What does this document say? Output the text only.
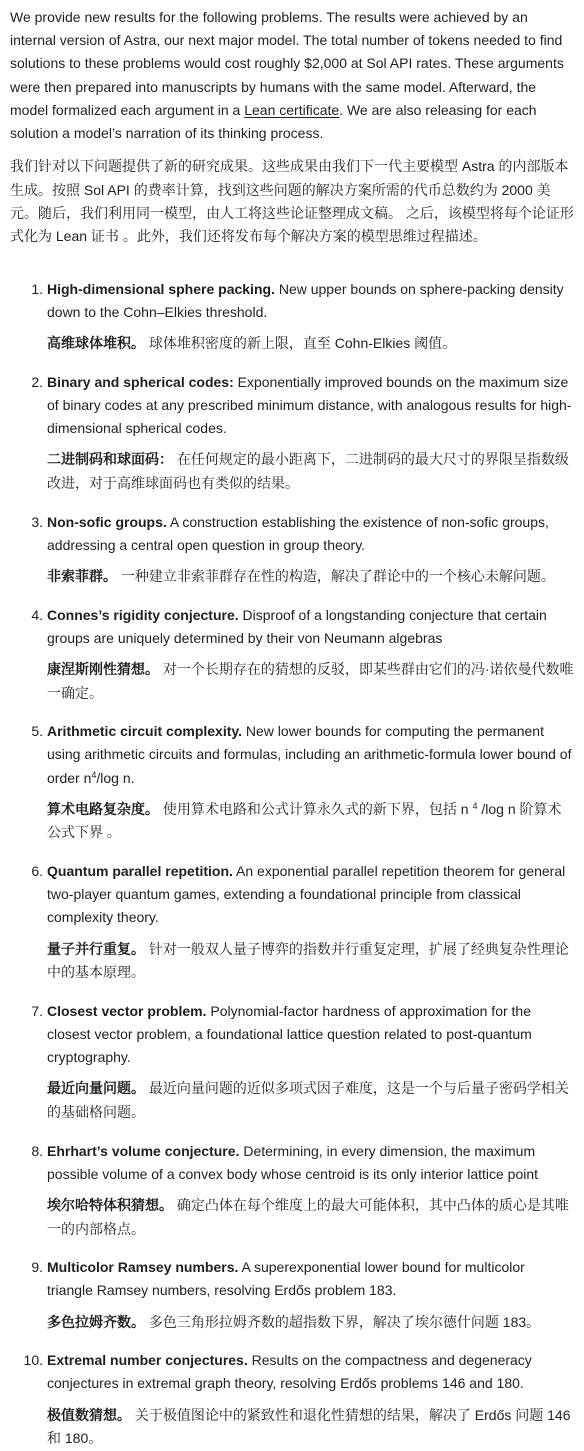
We provide new results for the following problems. The results were achieved by an internal version of Astra, our next major model. The total number of tokens needed to find solutions to these problems would cost roughly $2,000 at Sol API rates. These arguments were then prepared into manuscripts by humans with the same model. Afterward, the model formalized each argument in a Lean certificate. We are also releasing for each solution a model’s narration of its thinking process.

我们针对以下问题提供了新的研究成果。这些成果由我们下一代主要模型 Astra 的内部版本生成。按照 Sol API 的费率计算，找到这些问题的解决方案所需的代币总数约为 2000 美元。随后，我们利用同一模型，由人工将这些论证整理成文稿。 之后，该模型将每个论证形式化为 Lean 证书 。此外，我们还将发布每个解决方案的模型思维过程描述。

1. High-dimensional sphere packing. New upper bounds on sphere-packing density down to the Cohn–Elkies threshold.

高维球体堆积。 球体堆积密度的新上限，直至 Cohn-Elkies 阈值。

2. Binary and spherical codes: Exponentially improved bounds on the maximum size of binary codes at any prescribed minimum distance, with analogous results for high-dimensional spherical codes.

二进制码和球面码： 在任何规定的最小距离下，二进制码的最大尺寸的界限呈指数级改进，对于高维球面码也有类似的结果。

3. Non-sofic groups. A construction establishing the existence of non-sofic groups, addressing a central open question in group theory.

非索菲群。 一种建立非索菲群存在性的构造，解决了群论中的一个核心未解问题。

4. Connes’s rigidity conjecture. Disproof of a longstanding conjecture that certain groups are uniquely determined by their von Neumann algebras

康涅斯刚性猜想。 对一个长期存在的猜想的反驳，即某些群由它们的冯·诺依曼代数唯一确定。

5. Arithmetic circuit complexity. New lower bounds for computing the permanent using arithmetic circuits and formulas, including an arithmetic-formula lower bound of order $n^4/\log$ n.

算术电路复杂度。 使用算术电路和公式计算永久式的新下界，包括 n $^4$ /log n 阶算术公式下界 。

6. Quantum parallel repetition. An exponential parallel repetition theorem for general two-player quantum games, extending a foundational principle from classical complexity theory.

量子并行重复。 针对一般双人量子博弈的指数并行重复定理，扩展了经典复杂性理论中的基本原理。

7. Closest vector problem. Polynomial-factor hardness of approximation for the closest vector problem, a foundational lattice question related to post-quantum cryptography.

最近向量问题。 最近向量问题的近似多项式因子难度，这是一个与后量子密码学相关的基础格问题。

8. Ehrhart’s volume conjecture. Determining, in every dimension, the maximum possible volume of a convex body whose centroid is its only interior lattice point

埃尔哈特体积猜想。 确定凸体在每个维度上的最大可能体积，其中凸体的质心是其唯一的内部格点。

9. Multicolor Ramsey numbers. A superexponential lower bound for multicolor triangle Ramsey numbers, resolving Erdős problem 183.

多色拉姆齐数。 多色三角形拉姆齐数的超指数下界，解决了埃尔德什问题 183。

10. Extremal number conjectures. Results on the compactness and degeneracy conjectures in extremal graph theory, resolving Erdős problems 146 and 180.

极值数猜想。 关于极值图论中的紧致性和退化性猜想的结果，解决了 Erdős 问题 146 和 180。
